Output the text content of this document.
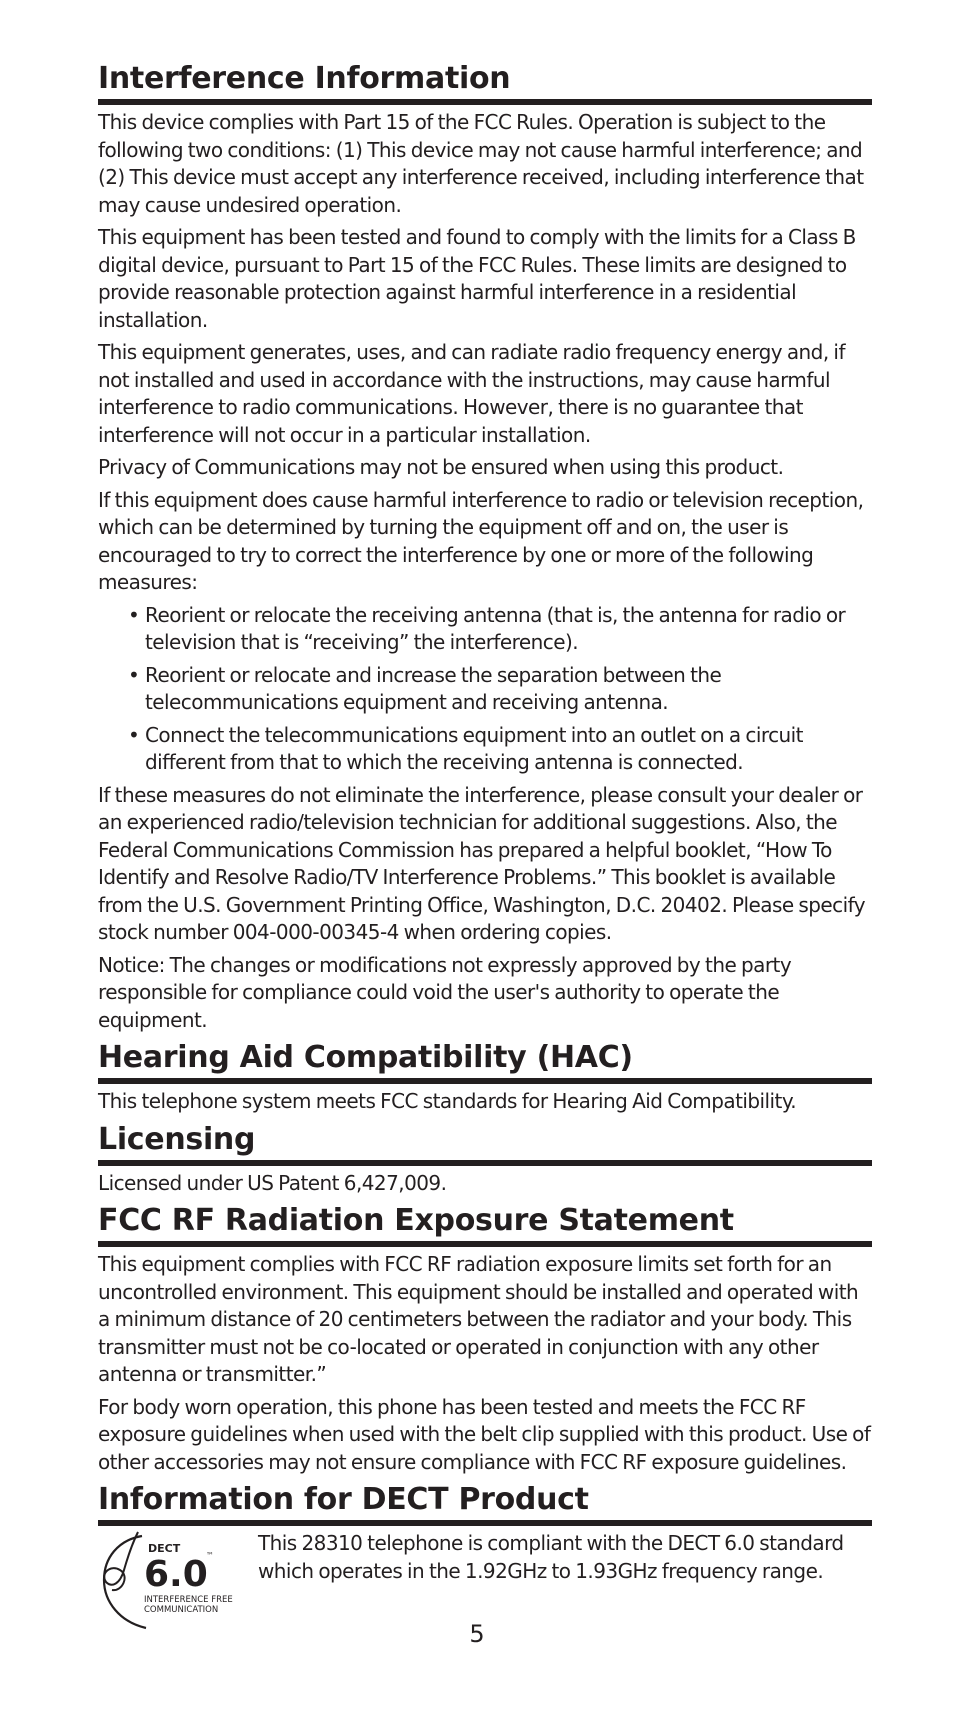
Interference Information

This device complies with Part 15 of the FCC Rules. Operation is subject to the following two conditions: (1) This device may not cause harmful interference; and (2) This device must accept any interference received, including interference that may cause undesired operation.

This equipment has been tested and found to comply with the limits for a Class B digital device, pursuant to Part 15 of the FCC Rules. These limits are designed to provide reasonable protection against harmful interference in a residential installation.

This equipment generates, uses, and can radiate radio frequency energy and, if not installed and used in accordance with the instructions, may cause harmful interference to radio communications. However, there is no guarantee that interference will not occur in a particular installation.

Privacy of Communications may not be ensured when using this product.

If this equipment does cause harmful interference to radio or television reception, which can be determined by turning the equipment off and on, the user is encouraged to try to correct the interference by one or more of the following measures:

• Reorient or relocate the receiving antenna (that is, the antenna for radio or television that is “receiving” the interference).
• Reorient or relocate and increase the separation between the telecommunications equipment and receiving antenna.
• Connect the telecommunications equipment into an outlet on a circuit different from that to which the receiving antenna is connected.

If these measures do not eliminate the interference, please consult your dealer or an experienced radio/television technician for additional suggestions. Also, the Federal Communications Commission has prepared a helpful booklet, “How To Identify and Resolve Radio/TV Interference Problems.” This booklet is available from the U.S. Government Printing Office, Washington, D.C. 20402. Please specify stock number 004-000-00345-4 when ordering copies.

Notice: The changes or modifications not expressly approved by the party responsible for compliance could void the user's authority to operate the equipment.

Hearing Aid Compatibility (HAC)

This telephone system meets FCC standards for Hearing Aid Compatibility.

Licensing

Licensed under US Patent 6,427,009.

FCC RF Radiation Exposure Statement

This equipment complies with FCC RF radiation exposure limits set forth for an uncontrolled environment. This equipment should be installed and operated with a minimum distance of 20 centimeters between the radiator and your body. This transmitter must not be co-located or operated in conjunction with any other antenna or transmitter.”

For body worn operation, this phone has been tested and meets the FCC RF exposure guidelines when used with the belt clip supplied with this product. Use of other accessories may not ensure compliance with FCC RF exposure guidelines.

Information for DECT Product
DECT
6.0
™
INTERFERENCE FREE
COMMUNICATION

This 28310 telephone is compliant with the DECT 6.0 standard which operates in the 1.92GHz to 1.93GHz frequency range.

5
